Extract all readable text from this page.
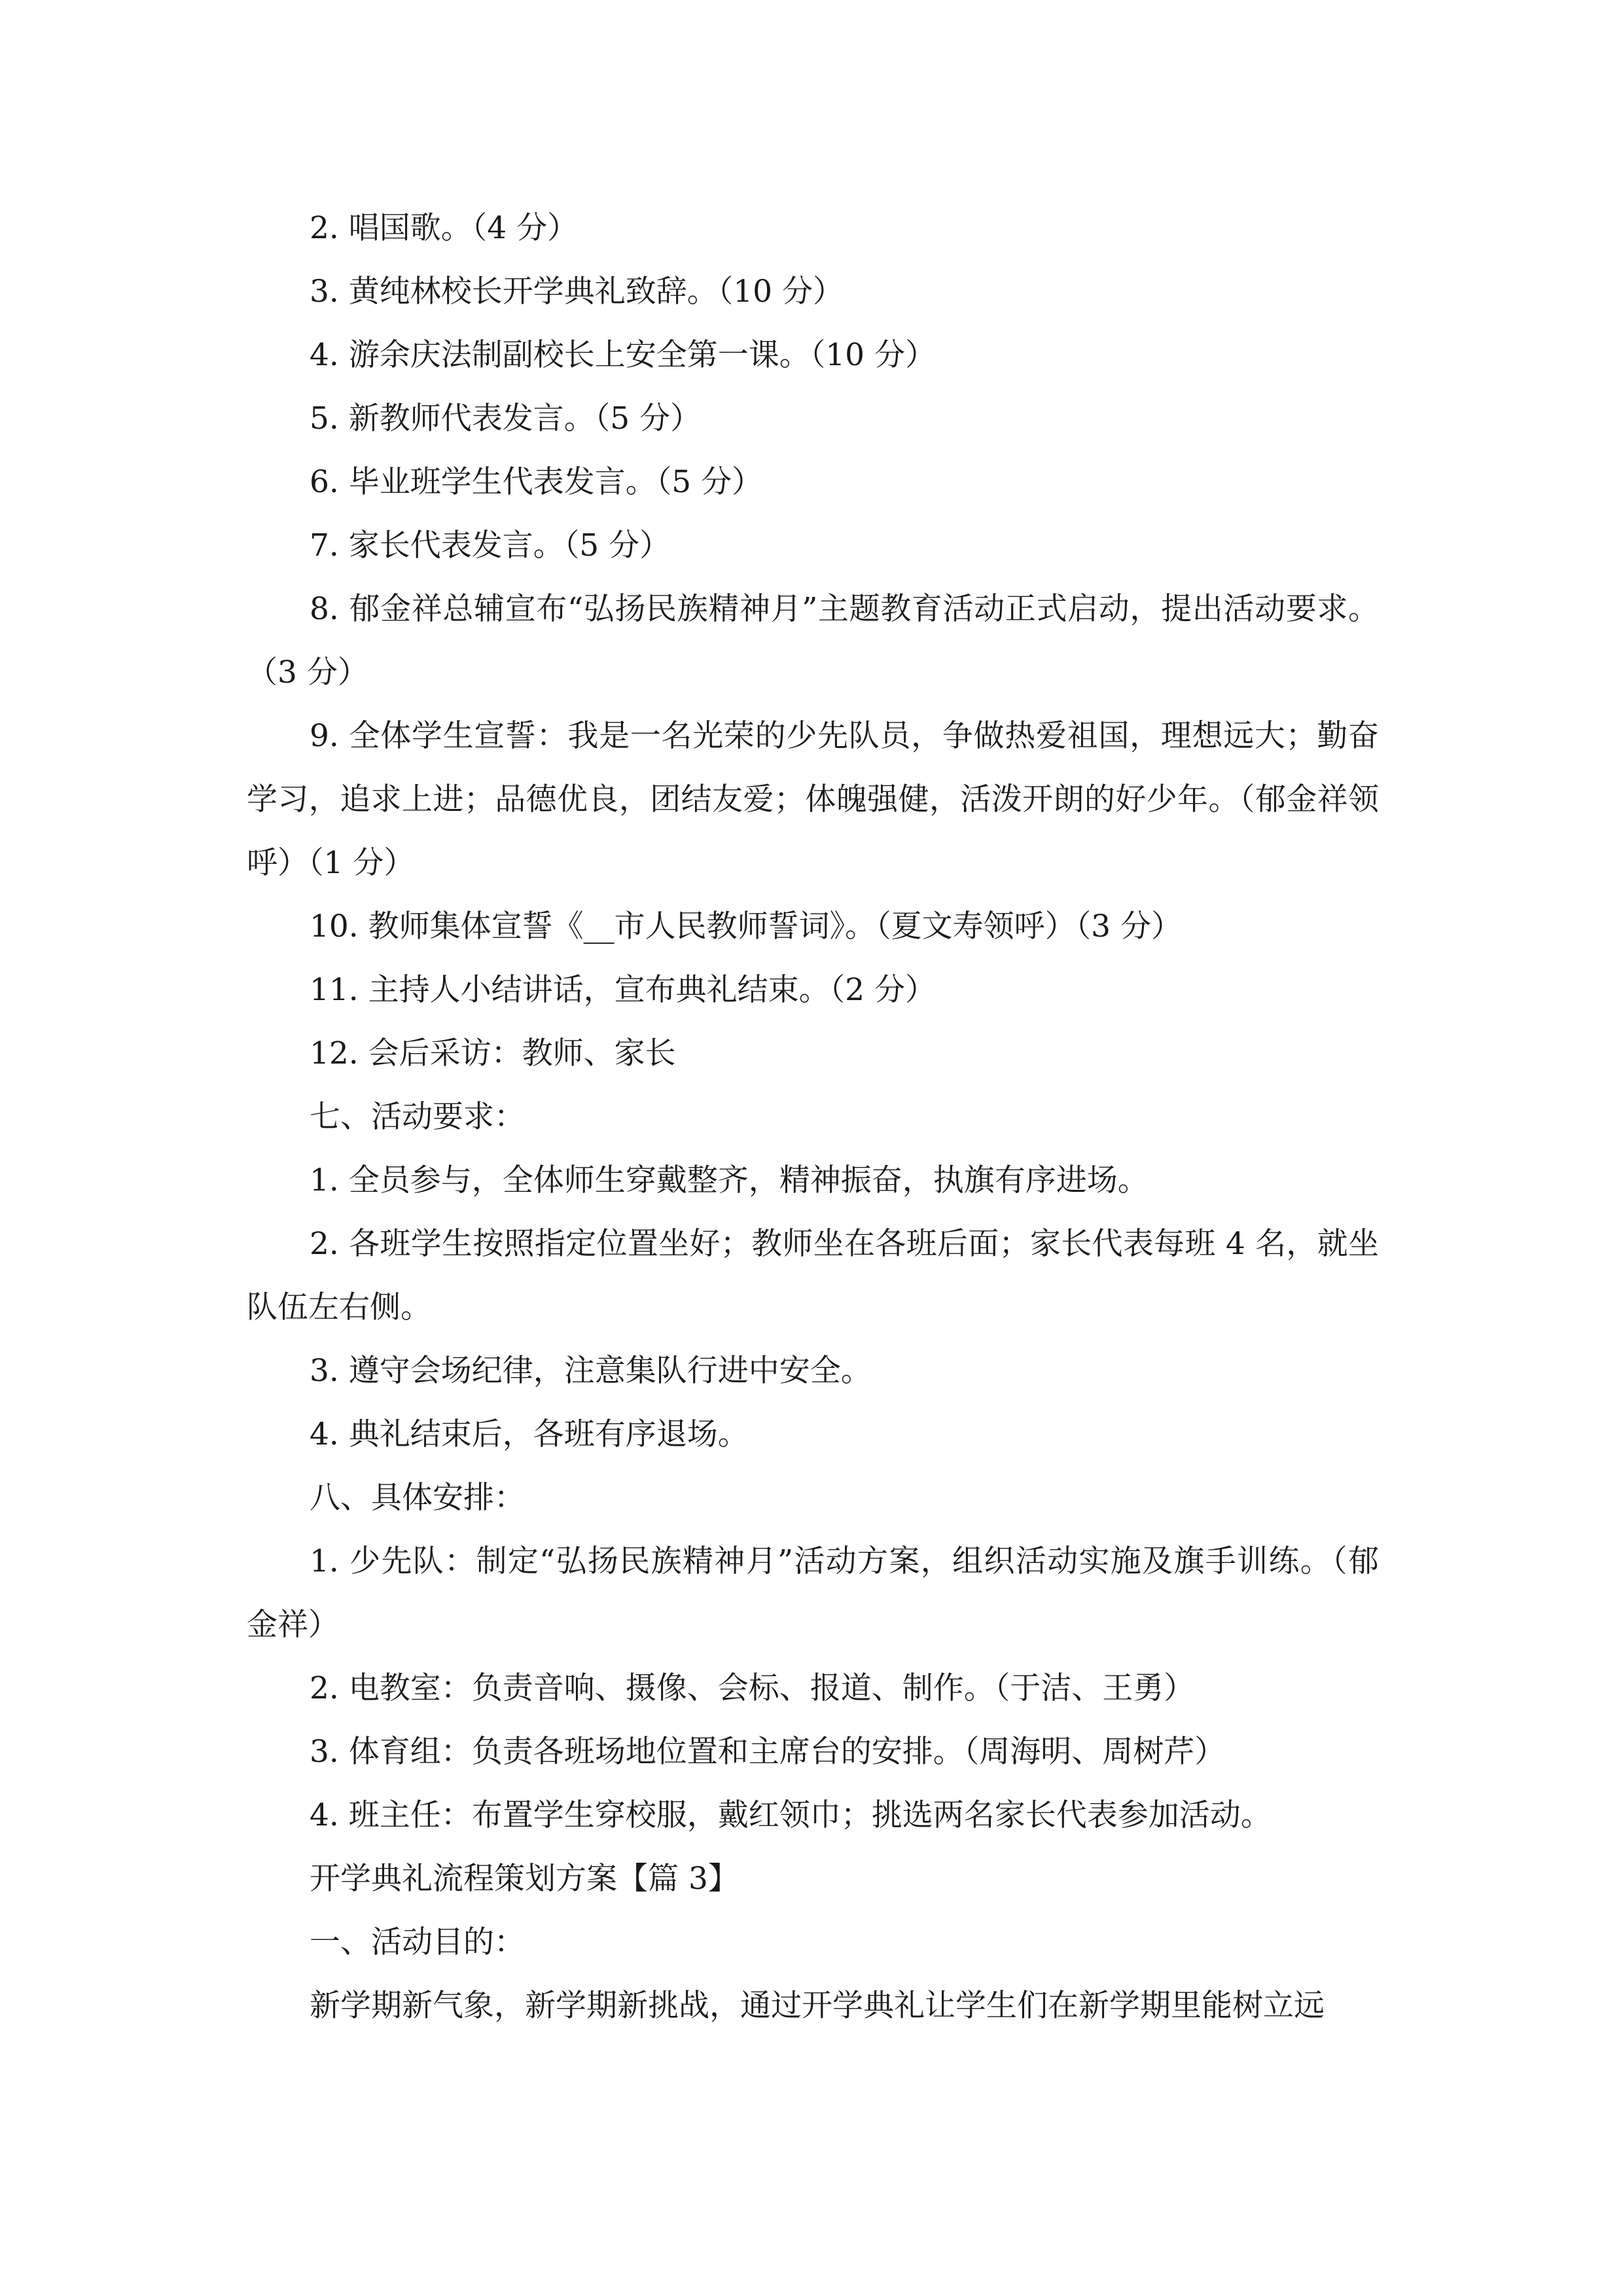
2. 唱国歌。（4 分）

3. 黄纯林校长开学典礼致辞。（10 分）

4. 游余庆法制副校长上安全第一课。（10 分）

5. 新教师代表发言。（5 分）

6. 毕业班学生代表发言。（5 分）

7. 家长代表发言。（5 分）

8. 郁金祥总辅宣布“弘扬民族精神月”主题教育活动正式启动，提出活动要求。（3 分）

9. 全体学生宣誓：我是一名光荣的少先队员，争做热爱祖国，理想远大；勤奋学习，追求上进；品德优良，团结友爱；体魄强健，活泼开朗的好少年。（郁金祥领呼）（1 分）

10. 教师集体宣誓《__市人民教师誓词》。（夏文寿领呼）（3 分）

11. 主持人小结讲话，宣布典礼结束。（2 分）

12. 会后采访：教师、家长

七、活动要求：

1. 全员参与，全体师生穿戴整齐，精神振奋，执旗有序进场。

2. 各班学生按照指定位置坐好；教师坐在各班后面；家长代表每班 4 名，就坐队伍左右侧。

3. 遵守会场纪律，注意集队行进中安全。

4. 典礼结束后，各班有序退场。

八、具体安排：

1. 少先队：制定“弘扬民族精神月”活动方案，组织活动实施及旗手训练。（郁金祥）

2. 电教室：负责音响、摄像、会标、报道、制作。（于洁、王勇）

3. 体育组：负责各班场地位置和主席台的安排。（周海明、周树芹）

4. 班主任：布置学生穿校服，戴红领巾；挑选两名家长代表参加活动。

开学典礼流程策划方案【篇 3】

一、活动目的：

新学期新气象，新学期新挑战，通过开学典礼让学生们在新学期里能树立远
